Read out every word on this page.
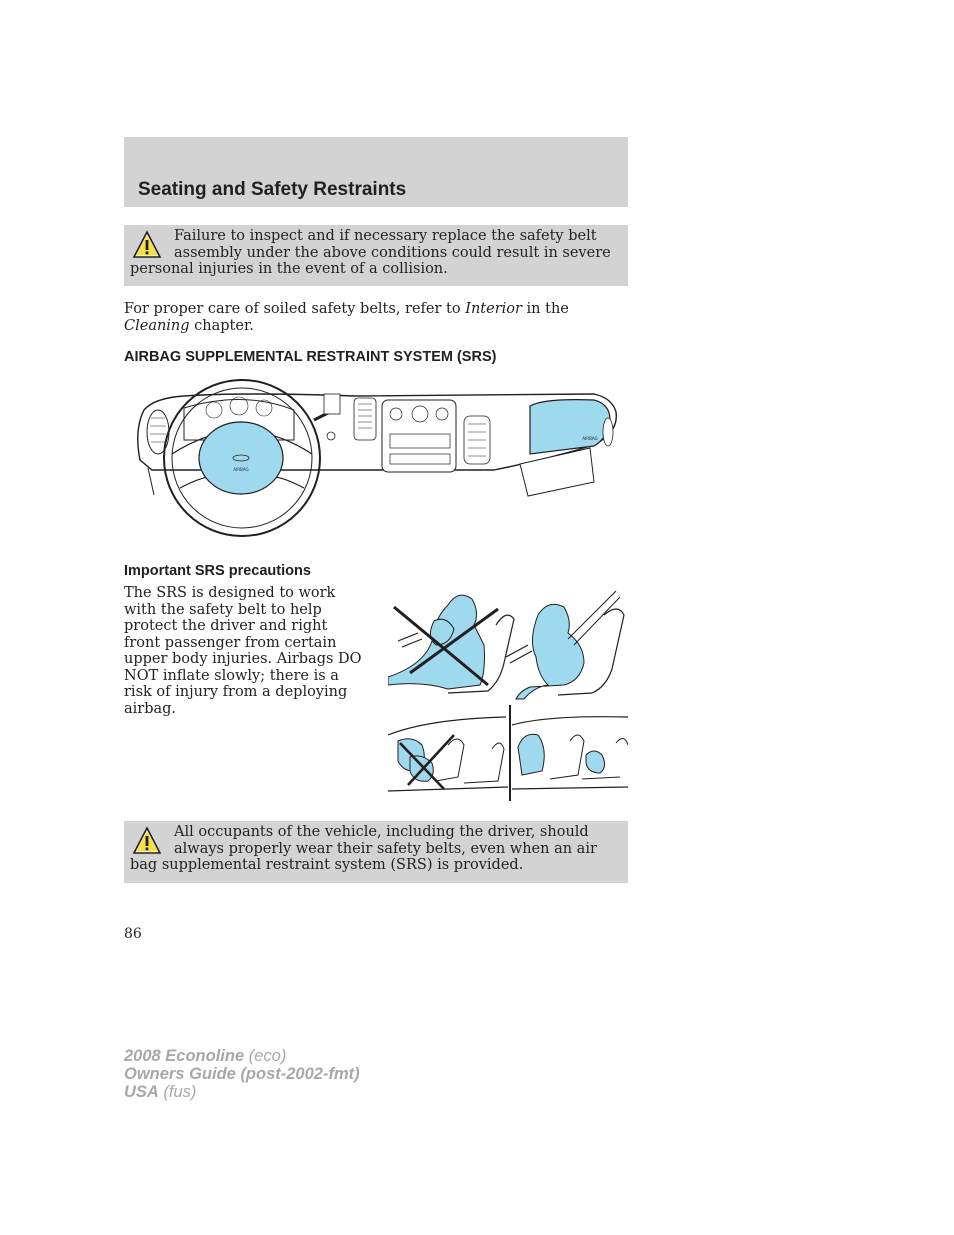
Seating and Safety Restraints
Failure to inspect and if necessary replace the safety belt assembly under the above conditions could result in severe personal injuries in the event of a collision.
For proper care of soiled safety belts, refer to Interior in the Cleaning chapter.
AIRBAG SUPPLEMENTAL RESTRAINT SYSTEM (SRS)
AIRBAG
AIRBAG
Important SRS precautions
The SRS is designed to work with the safety belt to help protect the driver and right front passenger from certain upper body injuries. Airbags DO NOT inflate slowly; there is a risk of injury from a deploying airbag.
All occupants of the vehicle, including the driver, should always properly wear their safety belts, even when an air bag supplemental restraint system (SRS) is provided.
86
2008 Econoline (eco)
Owners Guide (post-2002-fmt)
USA (fus)
